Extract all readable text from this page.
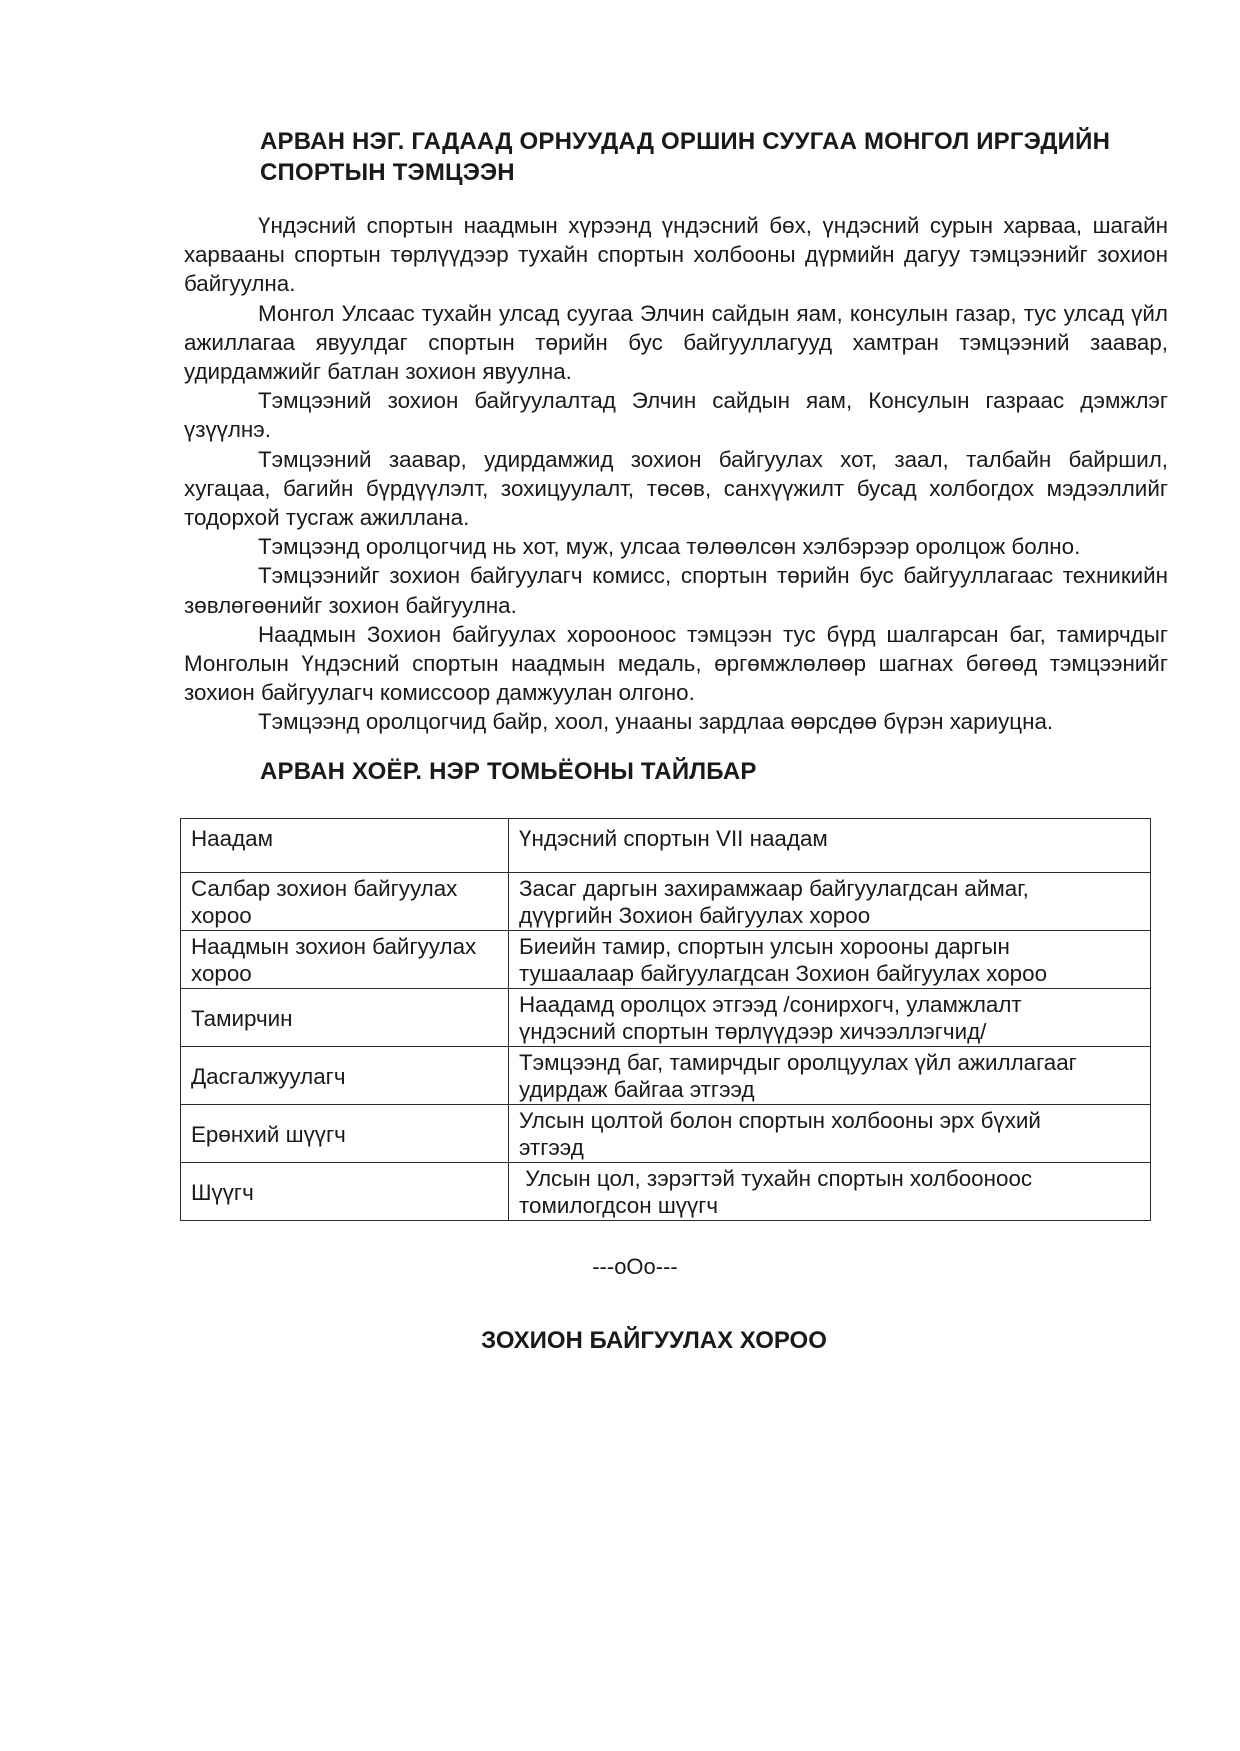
АРВАН НЭГ. ГАДААД ОРНУУДАД ОРШИН СУУГАА МОНГОЛ ИРГЭДИЙН
СПОРТЫН ТЭМЦЭЭН

Үндэсний спортын наадмын хүрээнд үндэсний бөх, үндэсний сурын харваа, шагайн харвааны спортын төрлүүдээр тухайн спортын холбооны дүрмийн дагуу тэмцээнийг зохион байгуулна.

Монгол Улсаас тухайн улсад суугаа Элчин сайдын яам, консулын газар, тус улсад үйл ажиллагаа явуулдаг спортын төрийн бус байгууллагууд хамтран тэмцээний заавар, удирдамжийг батлан зохион явуулна.

Тэмцээний зохион байгуулалтад Элчин сайдын яам, Консулын газраас дэмжлэг үзүүлнэ.

Тэмцээний заавар, удирдамжид зохион байгуулах хот, заал, талбайн байршил, хугацаа, багийн бүрдүүлэлт, зохицуулалт, төсөв, санхүүжилт бусад холбогдох мэдээллийг тодорхой тусгаж ажиллана.

Тэмцээнд оролцогчид нь хот, муж, улсаа төлөөлсөн хэлбэрээр оролцож болно.

Тэмцээнийг зохион байгуулагч комисс, спортын төрийн бус байгууллагаас техникийн зөвлөгөөнийг зохион байгуулна.

Наадмын Зохион байгуулах хорооноос тэмцээн тус бүрд шалгарсан баг, тамирчдыг Монголын Үндэсний спортын наадмын медаль, өргөмжлөлөөр шагнах бөгөөд тэмцээнийг зохион байгуулагч комиссоор дамжуулан олгоно.

Тэмцээнд оролцогчид байр, хоол, унааны зардлаа өөрсдөө бүрэн хариуцна.

АРВАН ХОЁР. НЭР ТОМЬЁОНЫ ТАЙЛБАР
Наадам	Үндэсний спортын VII наадам

Салбар зохион байгуулах
хороо	Засаг даргын захирамжаар байгуулагдсан аймаг,
дүүргийн Зохион байгуулах хороо

Наадмын зохион байгуулах
хороо	Биеийн тамир, спортын улсын хорооны даргын
тушаалаар байгуулагдсан Зохион байгуулах хороо

Тамирчин	Наадамд оролцох этгээд /сонирхогч, уламжлалт
үндэсний спортын төрлүүдээр хичээллэгчид/

Дасгалжуулагч	Тэмцээнд баг, тамирчдыг оролцуулах үйл ажиллагааг
удирдаж байгаа этгээд

Ерөнхий шүүгч	Улсын цолтой болон спортын холбооны эрх бүхий
этгээд

Шүүгч	Улсын цол, зэрэгтэй тухайн спортын холбооноос
томилогдсон шүүгч
---oOo---
ЗОХИОН БАЙГУУЛАХ ХОРОО
